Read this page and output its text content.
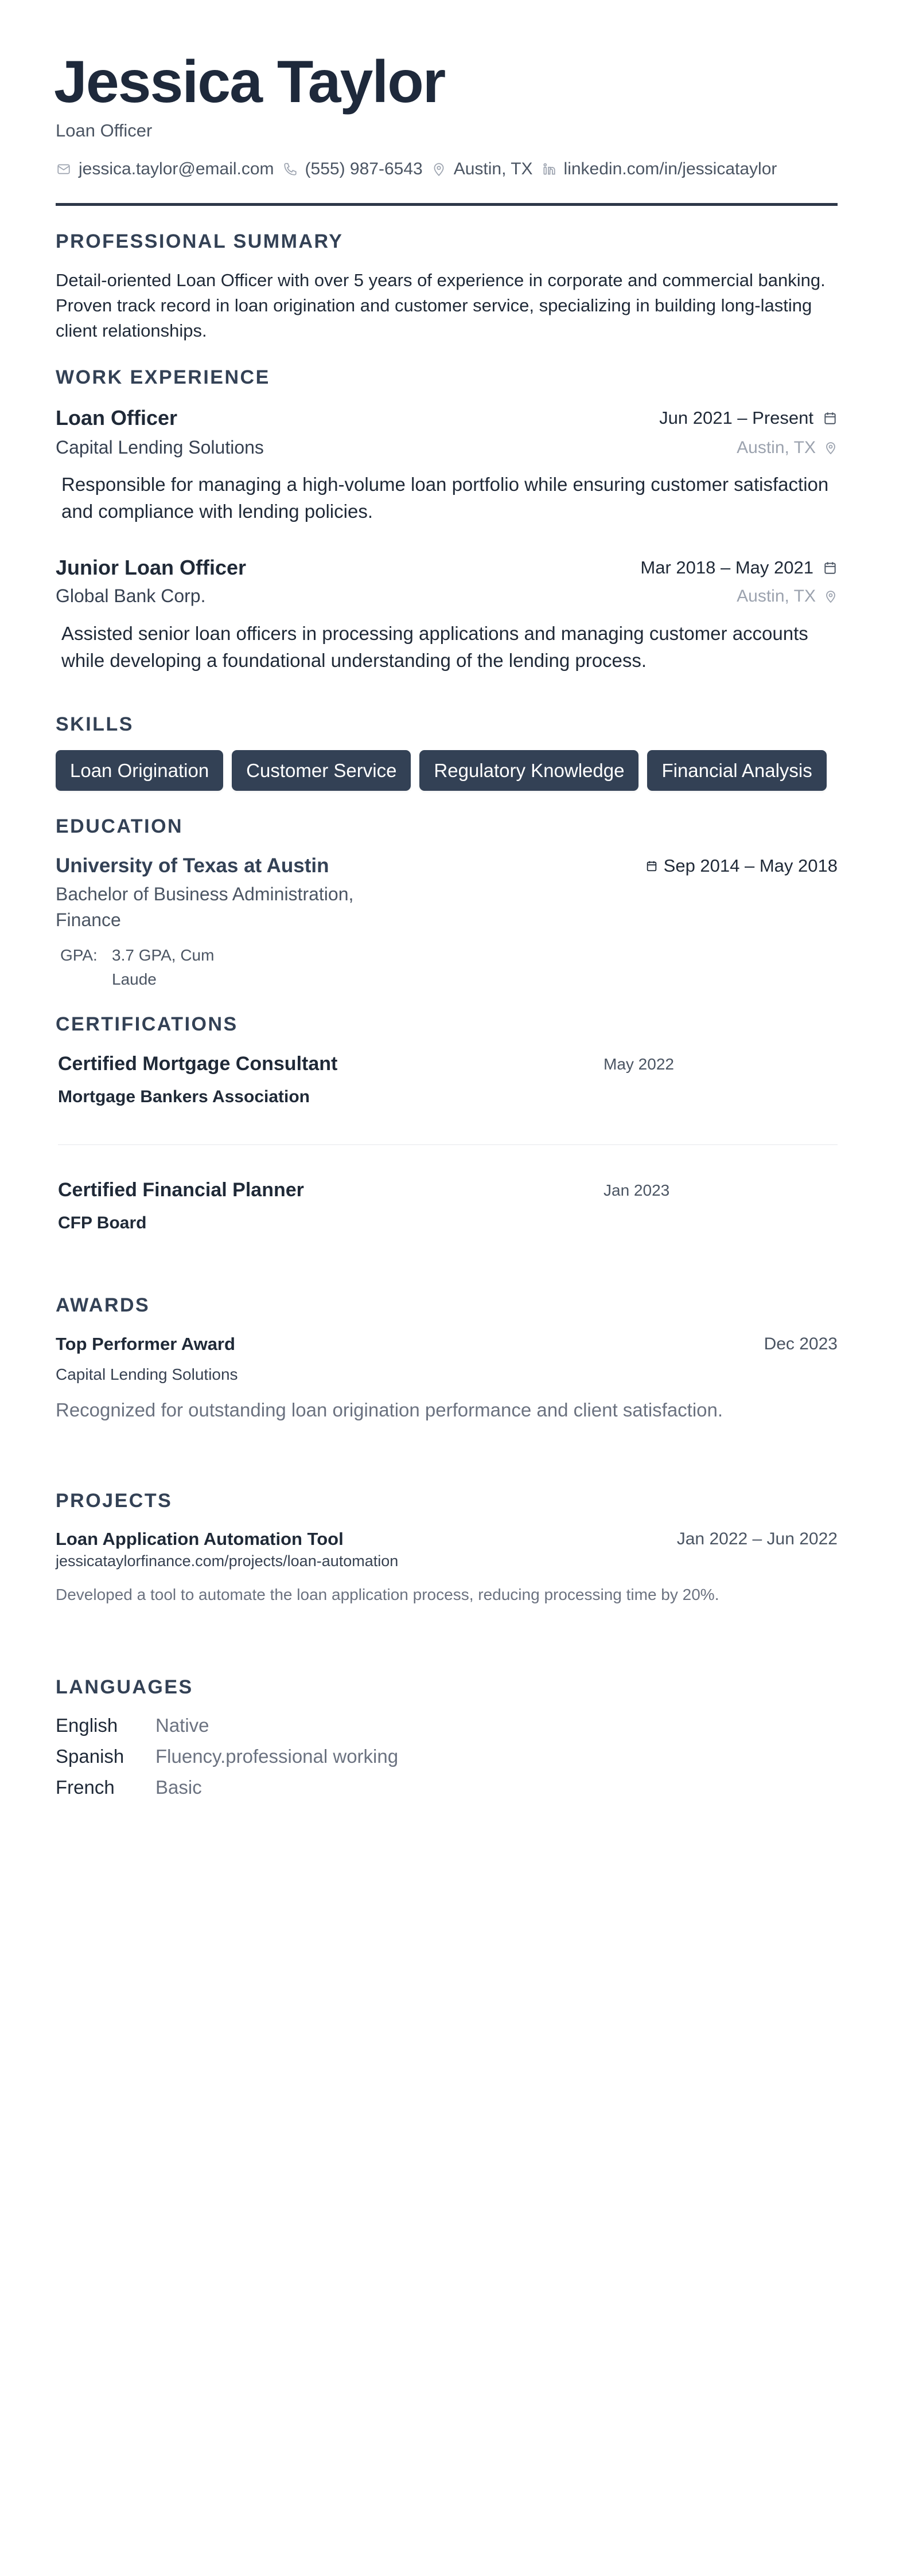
Jessica Taylor
Loan Officer
jessica.taylor@email.com (555) 987-6543 Austin, TX linkedin.com/in/jessicataylor
PROFESSIONAL SUMMARY

Detail-oriented Loan Officer with over 5 years of experience in corporate and commercial banking. Proven track record in loan origination and customer service, specializing in building long-lasting client relationships.

WORK EXPERIENCE
Loan Officer	Jun 2021 – Present
Capital Lending Solutions	Austin, TX

Responsible for managing a high-volume loan portfolio while ensuring customer satisfaction and compliance with lending policies.

Junior Loan Officer	Mar 2018 – May 2021
Global Bank Corp.	Austin, TX

Assisted senior loan officers in processing applications and managing customer accounts while developing a foundational understanding of the lending process.

SKILLS
Loan Origination	Customer Service	Regulatory Knowledge	Financial Analysis
EDUCATION
University of Texas at Austin	Sep 2014 – May 2018
Bachelor of Business Administration, Finance
GPA: 3.7 GPA, Cum Laude
CERTIFICATIONS
Certified Mortgage Consultant	May 2022
Mortgage Bankers Association
Certified Financial Planner	Jan 2023
CFP Board
AWARDS
Top Performer Award	Dec 2023
Capital Lending Solutions
Recognized for outstanding loan origination performance and client satisfaction.
PROJECTS
Loan Application Automation Tool	Jan 2022 – Jun 2022
jessicataylorfinance.com/projects/loan-automation
Developed a tool to automate the loan application process, reducing processing time by 20%.
LANGUAGES
English	Native
Spanish	Fluency.professional working
French	Basic
